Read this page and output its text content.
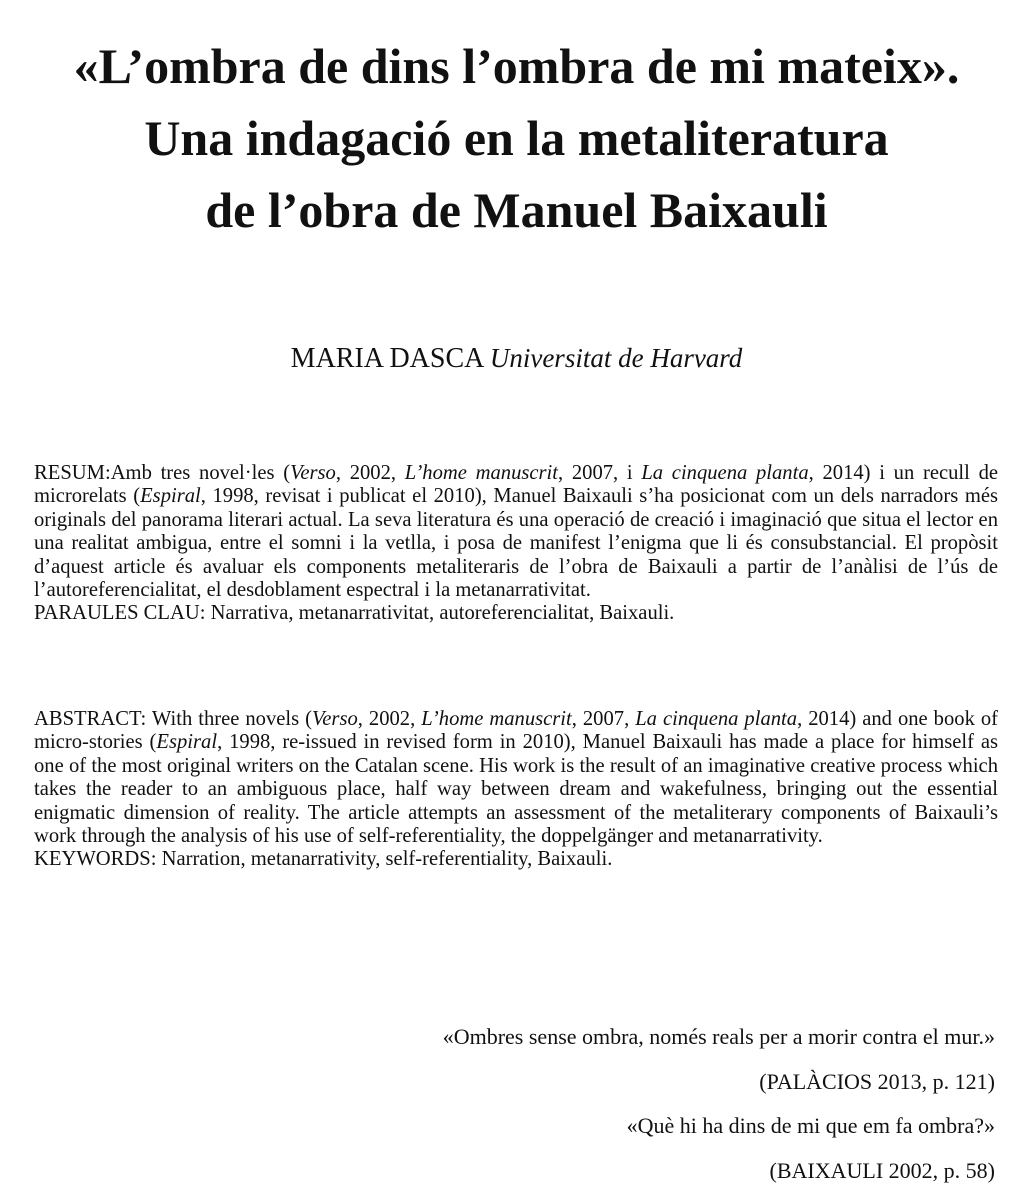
«L’ombra de dins l’ombra de mi mateix».
Una indagació en la metaliteratura
de l’obra de Manuel Baixauli
MARIA DASCA Universitat de Harvard

RESUM:Amb tres novel·les (Verso, 2002, L’home manuscrit, 2007, i La cinquena planta, 2014) i un recull de microrelats (Espiral, 1998, revisat i publicat el 2010), Manuel Baixauli s’ha posicionat com un dels narradors més originals del panorama literari actual. La seva literatura és una operació de creació i imaginació que situa el lector en una realitat ambigua, entre el somni i la vetlla, i posa de manifest l’enigma que li és consubstancial. El propòsit d’aquest article és avaluar els components metaliteraris de l’obra de Baixauli a partir de l’anàlisi de l’ús de l’autoreferencialitat, el desdoblament espectral i la metanarrativitat.

PARAULES CLAU: Narrativa, metanarrativitat, autoreferencialitat, Baixauli.

ABSTRACT: With three novels (Verso, 2002, L’home manuscrit, 2007, La cinquena planta, 2014) and one book of micro-stories (Espiral, 1998, re-issued in revised form in 2010), Manuel Baixauli has made a place for himself as one of the most original writers on the Catalan scene. His work is the result of an imaginative creative process which takes the reader to an ambiguous place, half way between dream and wakefulness, bringing out the essential enigmatic dimension of reality. The article attempts an assessment of the metaliterary components of Baixauli’s work through the analysis of his use of self-referentiality, the doppelgänger and metanarrativity.

KEYWORDS: Narration, metanarrativity, self-referentiality, Baixauli.

«Ombres sense ombra, només reals per a morir contra el mur.»
(PALÀCIOS 2013, p. 121)
«Què hi ha dins de mi que em fa ombra?»
(BAIXAULI 2002, p. 58)
